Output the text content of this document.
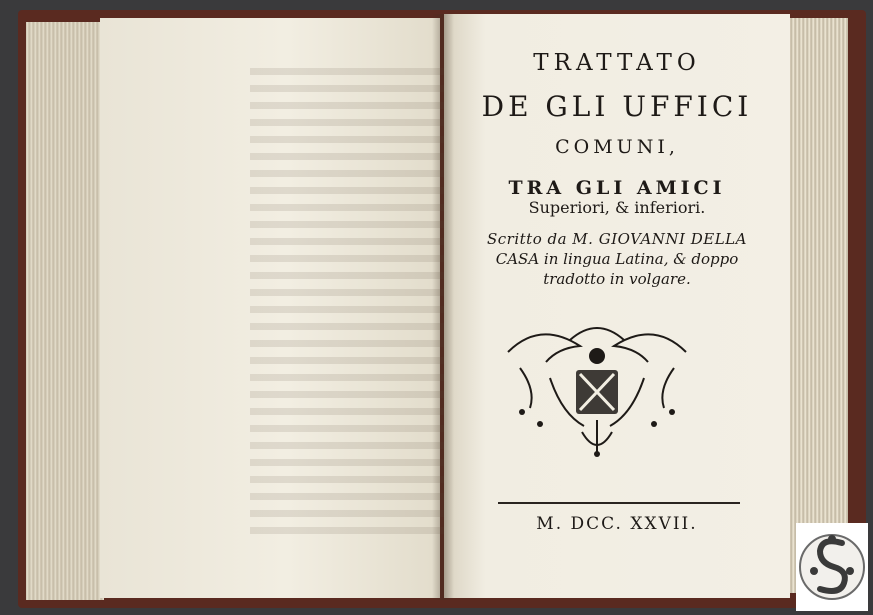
TRATTATO
DE GLI UFFICI
COMUNI,
TRA GLI AMICI
Superiori, & inferiori.
Scritto da M. GIOVANNI DELLA
CASA in lingua Latina, & doppo
tradotto in volgare.
M. DCC. XXVII.
